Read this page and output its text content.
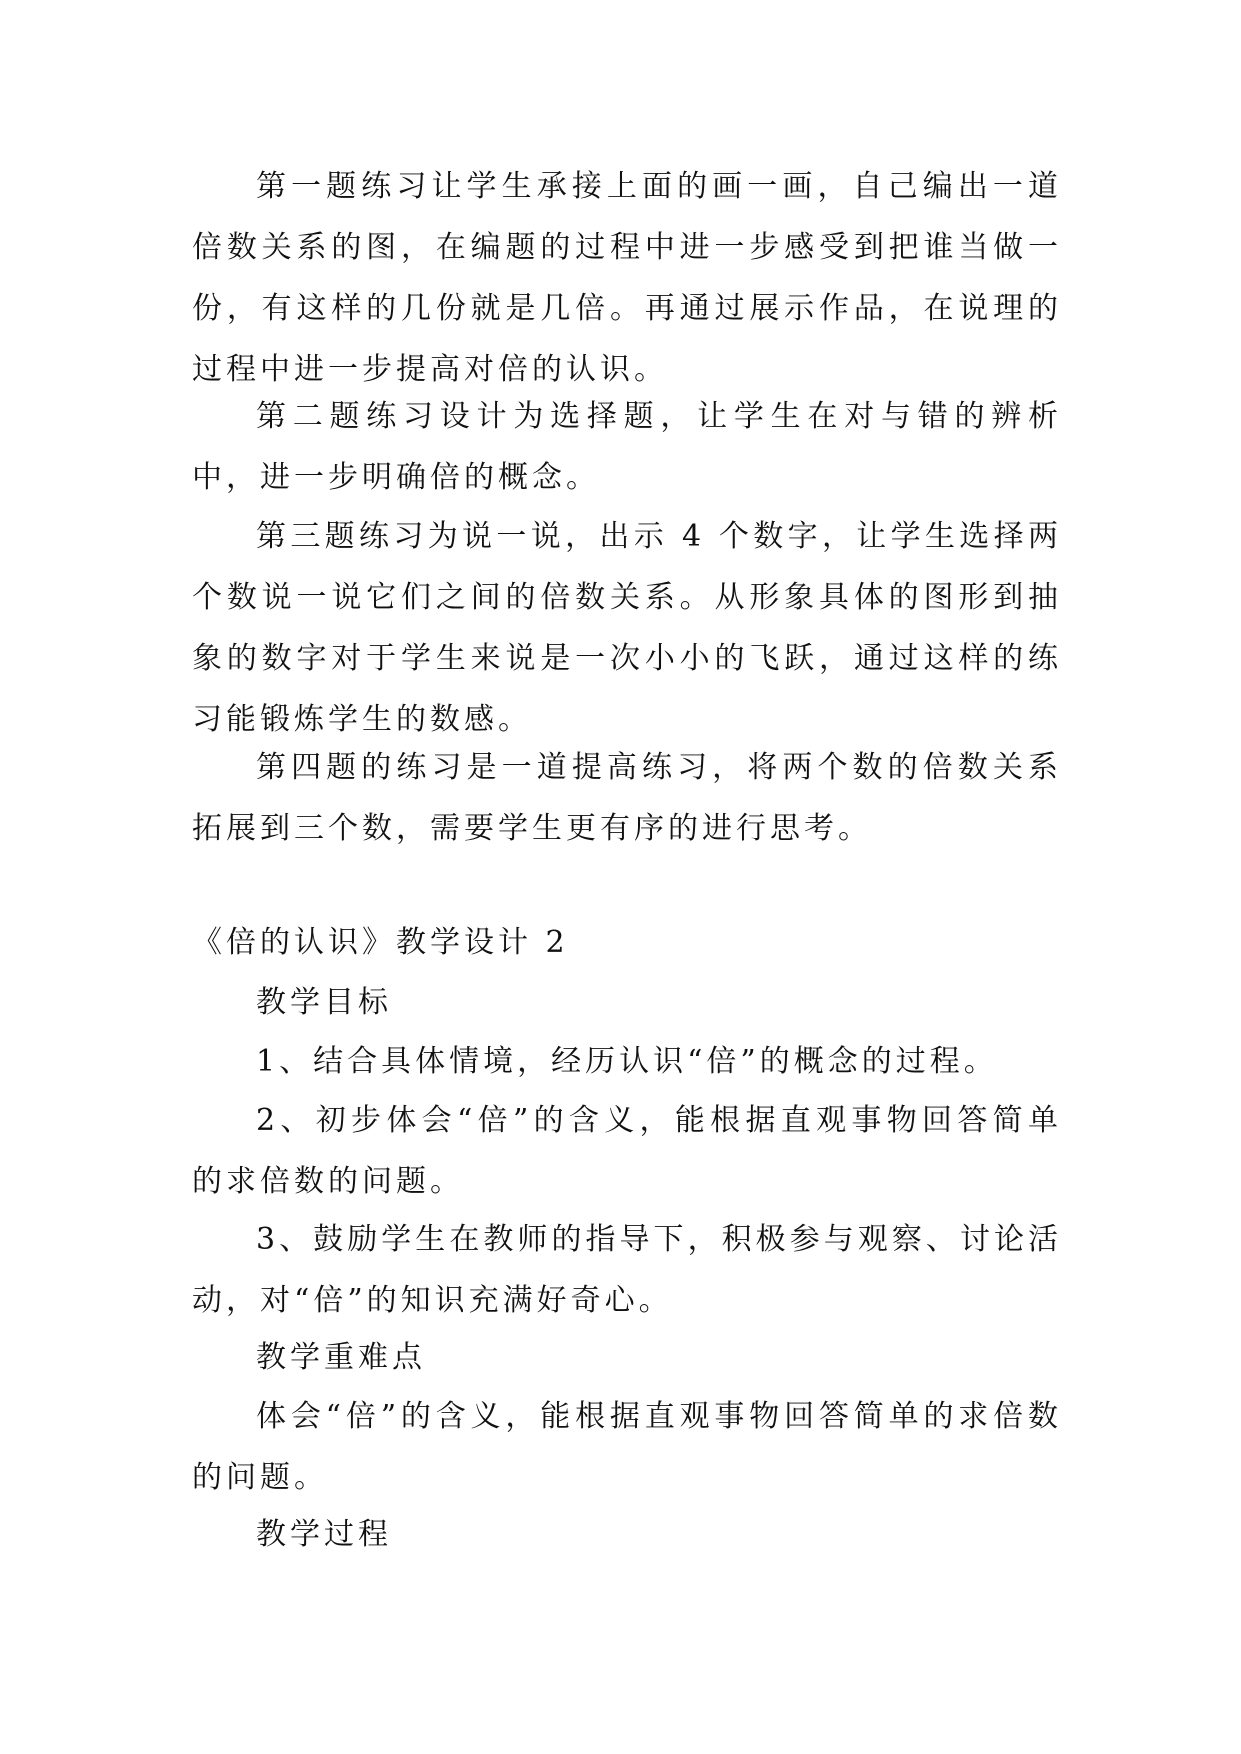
第一题练习让学生承接上面的画一画，自己编出一道倍数关系的图，在编题的过程中进一步感受到把谁当做一份，有这样的几份就是几倍。再通过展示作品，在说理的过程中进一步提高对倍的认识。

第二题练习设计为选择题，让学生在对与错的辨析中，进一步明确倍的概念。

第三题练习为说一说，出示 4 个数字，让学生选择两个数说一说它们之间的倍数关系。从形象具体的图形到抽象的数字对于学生来说是一次小小的飞跃，通过这样的练习能锻炼学生的数感。

第四题的练习是一道提高练习，将两个数的倍数关系拓展到三个数，需要学生更有序的进行思考。

《倍的认识》教学设计 2

教学目标

1、结合具体情境，经历认识“倍”的概念的过程。

2、初步体会“倍”的含义，能根据直观事物回答简单的求倍数的问题。

3、鼓励学生在教师的指导下，积极参与观察、讨论活动，对“倍”的知识充满好奇心。

教学重难点

体会“倍”的含义，能根据直观事物回答简单的求倍数的问题。

教学过程
